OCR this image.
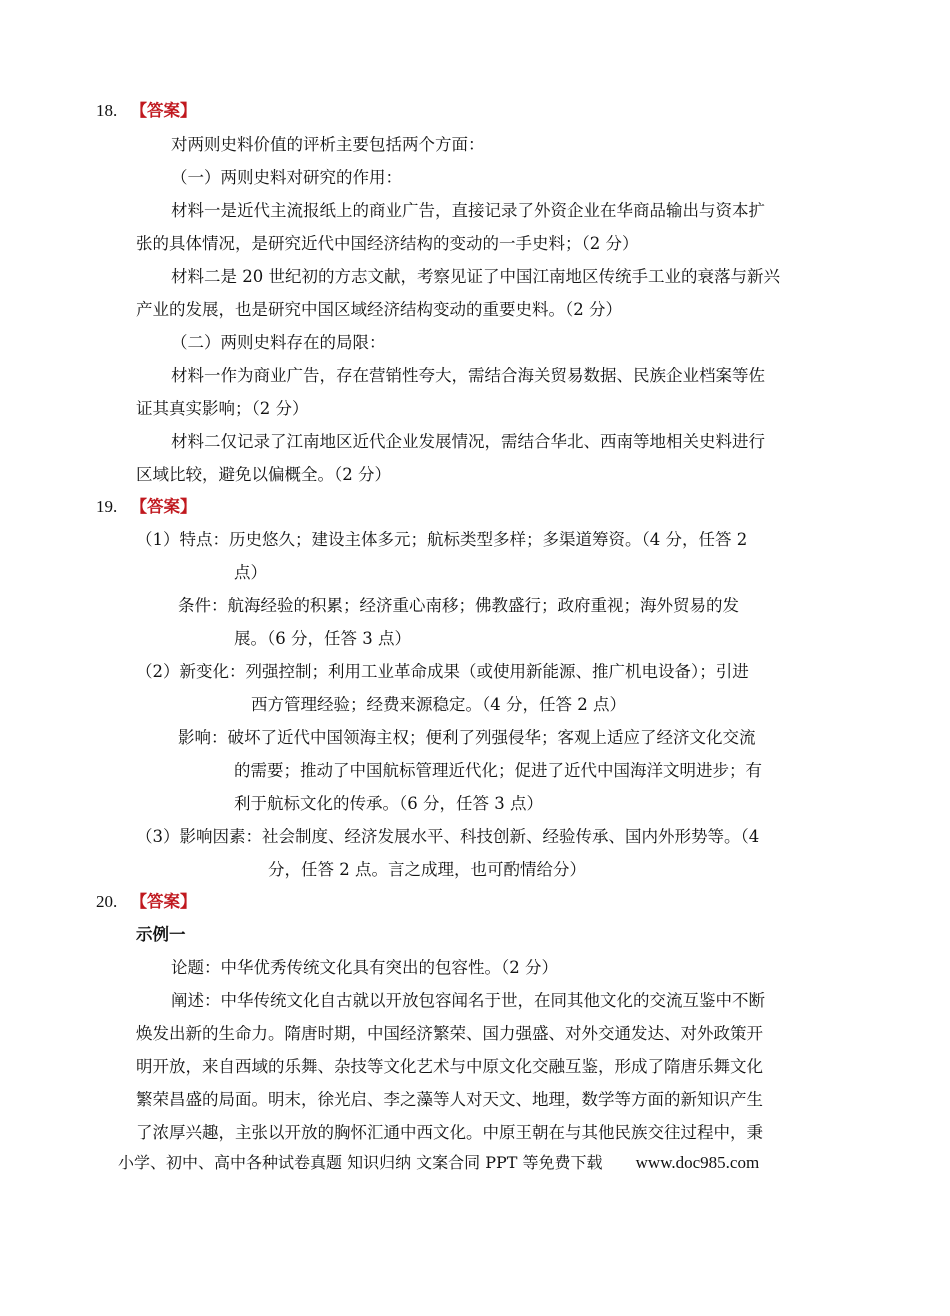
18. 【答案】
对两则史料价值的评析主要包括两个方面：
（一）两则史料对研究的作用：
材料一是近代主流报纸上的商业广告，直接记录了外资企业在华商品输出与资本扩
张的具体情况，是研究近代中国经济结构的变动的一手史料；（2 分）
材料二是 20 世纪初的方志文献，考察见证了中国江南地区传统手工业的衰落与新兴
产业的发展，也是研究中国区域经济结构变动的重要史料。（2 分）
（二）两则史料存在的局限：
材料一作为商业广告，存在营销性夸大，需结合海关贸易数据、民族企业档案等佐
证其真实影响；（2 分）
材料二仅记录了江南地区近代企业发展情况，需结合华北、西南等地相关史料进行
区域比较，避免以偏概全。（2 分）
19. 【答案】
（1）特点：历史悠久；建设主体多元；航标类型多样；多渠道筹资。（4 分，任答 2
点）
条件：航海经验的积累；经济重心南移；佛教盛行；政府重视；海外贸易的发
展。（6 分，任答 3 点）
（2）新变化：列强控制；利用工业革命成果（或使用新能源、推广机电设备）；引进
西方管理经验；经费来源稳定。（4 分，任答 2 点）
影响：破坏了近代中国领海主权；便利了列强侵华；客观上适应了经济文化交流
的需要；推动了中国航标管理近代化；促进了近代中国海洋文明进步；有
利于航标文化的传承。（6 分，任答 3 点）
（3）影响因素：社会制度、经济发展水平、科技创新、经验传承、国内外形势等。（4
分，任答 2 点。言之成理，也可酌情给分）
20. 【答案】
示例一
论题：中华优秀传统文化具有突出的包容性。（2 分）
阐述：中华传统文化自古就以开放包容闻名于世，在同其他文化的交流互鉴中不断
焕发出新的生命力。隋唐时期，中国经济繁荣、国力强盛、对外交通发达、对外政策开
明开放，来自西域的乐舞、杂技等文化艺术与中原文化交融互鉴，形成了隋唐乐舞文化
繁荣昌盛的局面。明末，徐光启、李之藻等人对天文、地理，数学等方面的新知识产生
了浓厚兴趣，主张以开放的胸怀汇通中西文化。中原王朝在与其他民族交往过程中，秉
小学、初中、高中各种试卷真题 知识归纳 文案合同 PPT 等免费下载 www.doc985.com
